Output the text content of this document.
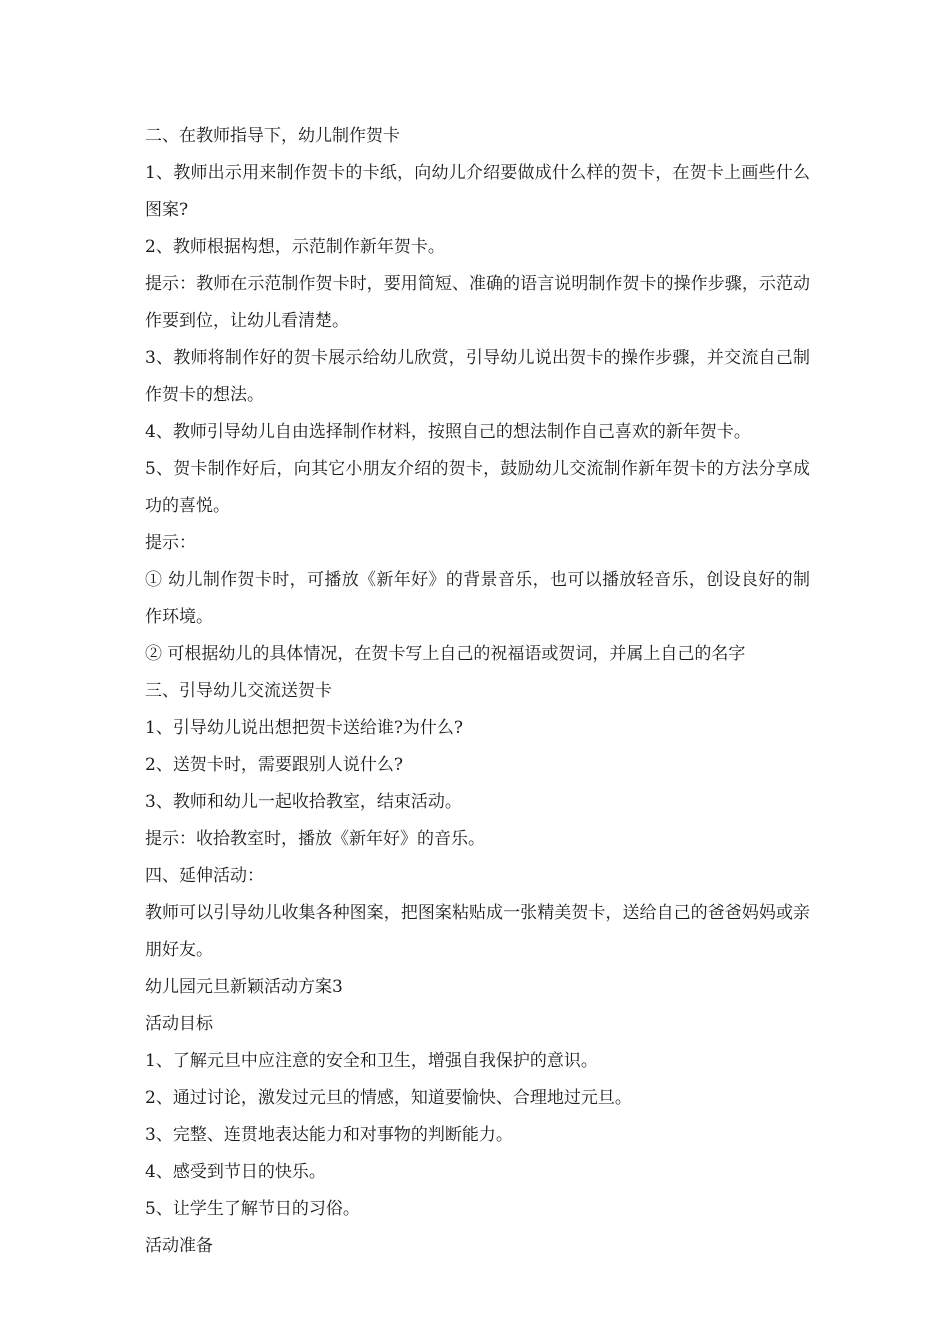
二、在教师指导下，幼儿制作贺卡

1、教师出示用来制作贺卡的卡纸，向幼儿介绍要做成什么样的贺卡，在贺卡上画些什么图案?

2、教师根据构想，示范制作新年贺卡。

提示：教师在示范制作贺卡时，要用简短、准确的语言说明制作贺卡的操作步骤，示范动作要到位，让幼儿看清楚。

3、教师将制作好的贺卡展示给幼儿欣赏，引导幼儿说出贺卡的操作步骤，并交流自己制作贺卡的想法。

4、教师引导幼儿自由选择制作材料，按照自己的想法制作自己喜欢的新年贺卡。

5、贺卡制作好后，向其它小朋友介绍的贺卡，鼓励幼儿交流制作新年贺卡的方法分享成功的喜悦。

提示：

① 幼儿制作贺卡时，可播放《新年好》的背景音乐，也可以播放轻音乐，创设良好的制作环境。

② 可根据幼儿的具体情况，在贺卡写上自己的祝福语或贺词，并属上自己的名字

三、引导幼儿交流送贺卡

1、引导幼儿说出想把贺卡送给谁?为什么?

2、送贺卡时，需要跟别人说什么?

3、教师和幼儿一起收拾教室，结束活动。

提示：收拾教室时，播放《新年好》的音乐。

四、延伸活动：

教师可以引导幼儿收集各种图案，把图案粘贴成一张精美贺卡，送给自己的爸爸妈妈或亲朋好友。

幼儿园元旦新颖活动方案3

活动目标

1、了解元旦中应注意的安全和卫生，增强自我保护的意识。

2、通过讨论，激发过元旦的情感，知道要愉快、合理地过元旦。

3、完整、连贯地表达能力和对事物的判断能力。

4、感受到节日的快乐。

5、让学生了解节日的习俗。

活动准备
